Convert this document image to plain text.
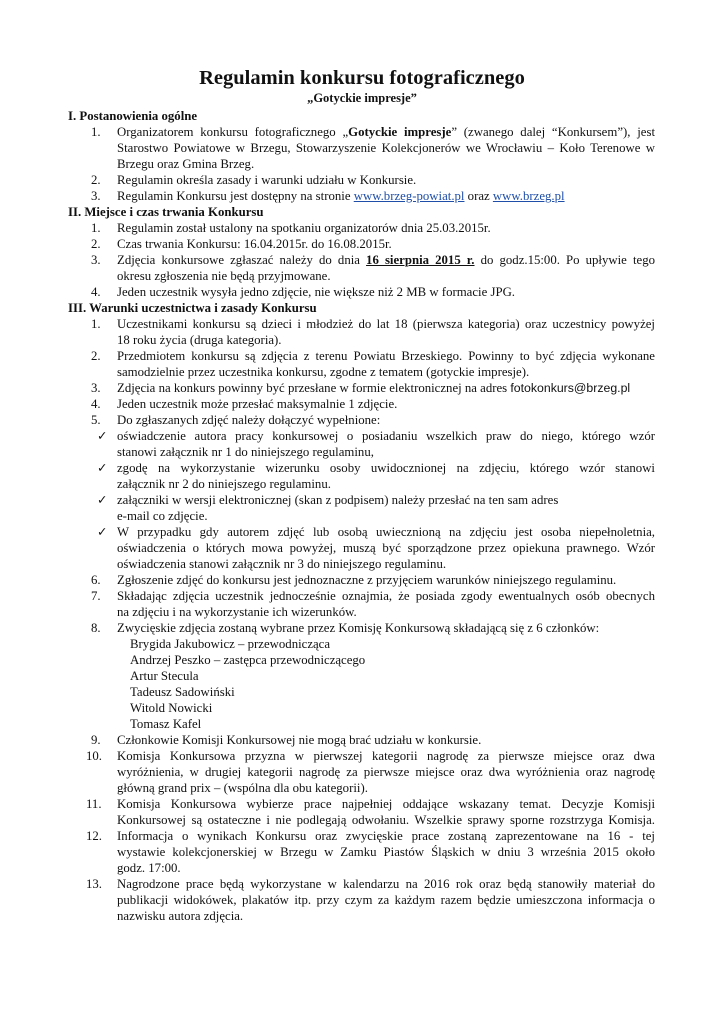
Regulamin konkursu fotograficznego
„Gotyckie impresje”
I. Postanowienia ogólne
1. Organizatorem konkursu fotograficznego „Gotyckie impresje” (zwanego dalej “Konkursem”), jest
Starostwo Powiatowe w Brzegu, Stowarzyszenie Kolekcjonerów we Wrocławiu – Koło Terenowe w
Brzegu oraz Gmina Brzeg.
2. Regulamin określa zasady i warunki udziału w Konkursie.
3. Regulamin Konkursu jest dostępny na stronie www.brzeg-powiat.pl oraz www.brzeg.pl
II. Miejsce i czas trwania Konkursu
1. Regulamin został ustalony na spotkaniu organizatorów dnia 25.03.2015r.
2. Czas trwania Konkursu: 16.04.2015r. do 16.08.2015r.
3. Zdjęcia konkursowe zgłaszać należy do dnia 16 sierpnia 2015 r. do godz.15:00. Po upływie tego
okresu zgłoszenia nie będą przyjmowane.
4. Jeden uczestnik wysyła jedno zdjęcie, nie większe niż 2 MB w formacie JPG.
III. Warunki uczestnictwa i zasady Konkursu
1. Uczestnikami konkursu są dzieci i młodzież do lat 18 (pierwsza kategoria) oraz uczestnicy powyżej
18 roku życia (druga kategoria).
2. Przedmiotem konkursu są zdjęcia z terenu Powiatu Brzeskiego. Powinny to być zdjęcia wykonane
samodzielnie przez uczestnika konkursu, zgodne z tematem (gotyckie impresje).
3. Zdjęcia na konkurs powinny być przesłane w formie elektronicznej na adres fotokonkurs@brzeg.pl
4. Jeden uczestnik może przesłać maksymalnie 1 zdjęcie.
5. Do zgłaszanych zdjęć należy dołączyć wypełnione:
✓ oświadczenie autora pracy konkursowej o posiadaniu wszelkich praw do niego, którego wzór
stanowi załącznik nr 1 do niniejszego regulaminu,
✓ zgodę na wykorzystanie wizerunku osoby uwidocznionej na zdjęciu, którego wzór stanowi
załącznik nr 2 do niniejszego regulaminu.
✓ załączniki w wersji elektronicznej (skan z podpisem) należy przesłać na ten sam adres
e-mail co zdjęcie.
✓ W przypadku gdy autorem zdjęć lub osobą uwiecznioną na zdjęciu jest osoba niepełnoletnia,
oświadczenia o których mowa powyżej, muszą być sporządzone przez opiekuna prawnego. Wzór
oświadczenia stanowi załącznik nr 3 do niniejszego regulaminu.
6. Zgłoszenie zdjęć do konkursu jest jednoznaczne z przyjęciem warunków niniejszego regulaminu.
7. Składając zdjęcia uczestnik jednocześnie oznajmia, że posiada zgody ewentualnych osób obecnych
na zdjęciu i na wykorzystanie ich wizerunków.
8. Zwycięskie zdjęcia zostaną wybrane przez Komisję Konkursową składającą się z 6 członków:
Brygida Jakubowicz – przewodnicząca
Andrzej Peszko – zastępca przewodniczącego
Artur Steculа
Tadeusz Sadowiński
Witold Nowicki
Tomasz Kafel
9. Członkowie Komisji Konkursowej nie mogą brać udziału w konkursie.
10. Komisja Konkursowa przyzna w pierwszej kategorii nagrodę za pierwsze miejsce oraz dwa
wyróżnienia, w drugiej kategorii nagrodę za pierwsze miejsce oraz dwa wyróżnienia oraz nagrodę
główną grand prix – (wspólna dla obu kategorii).
11. Komisja Konkursowa wybierze prace najpełniej oddające wskazany temat. Decyzje Komisji
Konkursowej są ostateczne i nie podlegają odwołaniu. Wszelkie sprawy sporne rozstrzyga Komisja.
12. Informacja o wynikach Konkursu oraz zwycięskie prace zostaną zaprezentowane na 16 - tej
wystawie kolekcjonerskiej w Brzegu w Zamku Piastów Śląskich w dniu 3 września 2015 około
godz. 17:00.
13. Nagrodzone prace będą wykorzystane w kalendarzu na 2016 rok oraz będą stanowiły materiał do
publikacji widokówek, plakatów itp. przy czym za każdym razem będzie umieszczona informacja o
nazwisku autora zdjęcia.
